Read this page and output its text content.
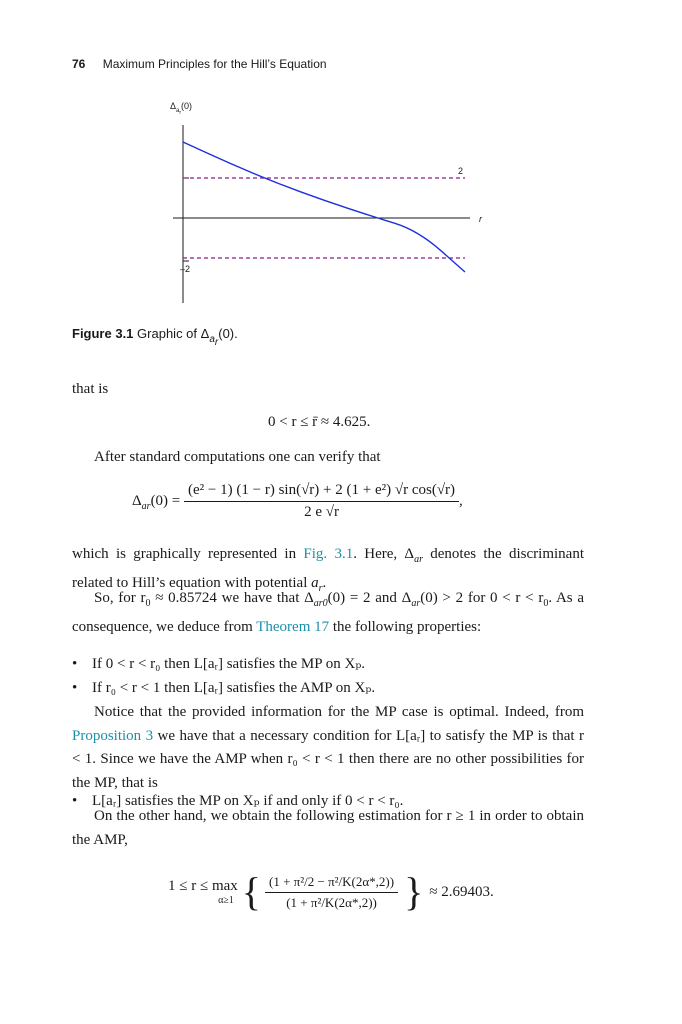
76 Maximum Principles for the Hill’s Equation
$\Delta_{ar}(0)$
r
2
–2
Figure 3.1 Graphic of $\Delta_{a_r}(0)$.
that is
0 < r ≤ r̄ ≈ 4.625.
After standard computations one can verify that
$\Delta_{ar}(0) = \frac{\text{(e² − 1) (1 − r) sin(√r) + 2 (1 + e²) √r cos(√r)}}{2 e √r}$ ,
which is graphically represented in Fig. 3.1. Here, $\Delta_{ar}$ denotes the discriminant related to Hill’s equation with potential $a_r$.
So, for $r_0 \approx 0.85724$ we have that $\Delta_{ar0}(0) = 2$ and $\Delta_{ar}(0) > 2$ for $0 < r < r_0$. As a consequence, we deduce from Theorem 17 the following properties:
• If 0 < r < r₀ then L[aᵣ] satisfies the MP on Xₚ.
• If r₀ < r < 1 then L[aᵣ] satisfies the AMP on Xₚ.
Notice that the provided information for the MP case is optimal. Indeed, from Proposition 3 we have that a necessary condition for L[aᵣ] to satisfy the MP is that r < 1. Since we have the AMP when r₀ < r < 1 then there are no other possibilities for the MP, that is
• L[aᵣ] satisfies the MP on Xₚ if and only if 0 < r < r₀.
On the other hand, we obtain the following estimation for r ≥ 1 in order to obtain the AMP,
1 ≤ r ≤ max
α≥1 { $\frac{\text{(1 + π²/2 − π²/K(2α*,2))}}{\text{(1 + π²/K(2α*,2))}}$ } ≈ 2.69403.
